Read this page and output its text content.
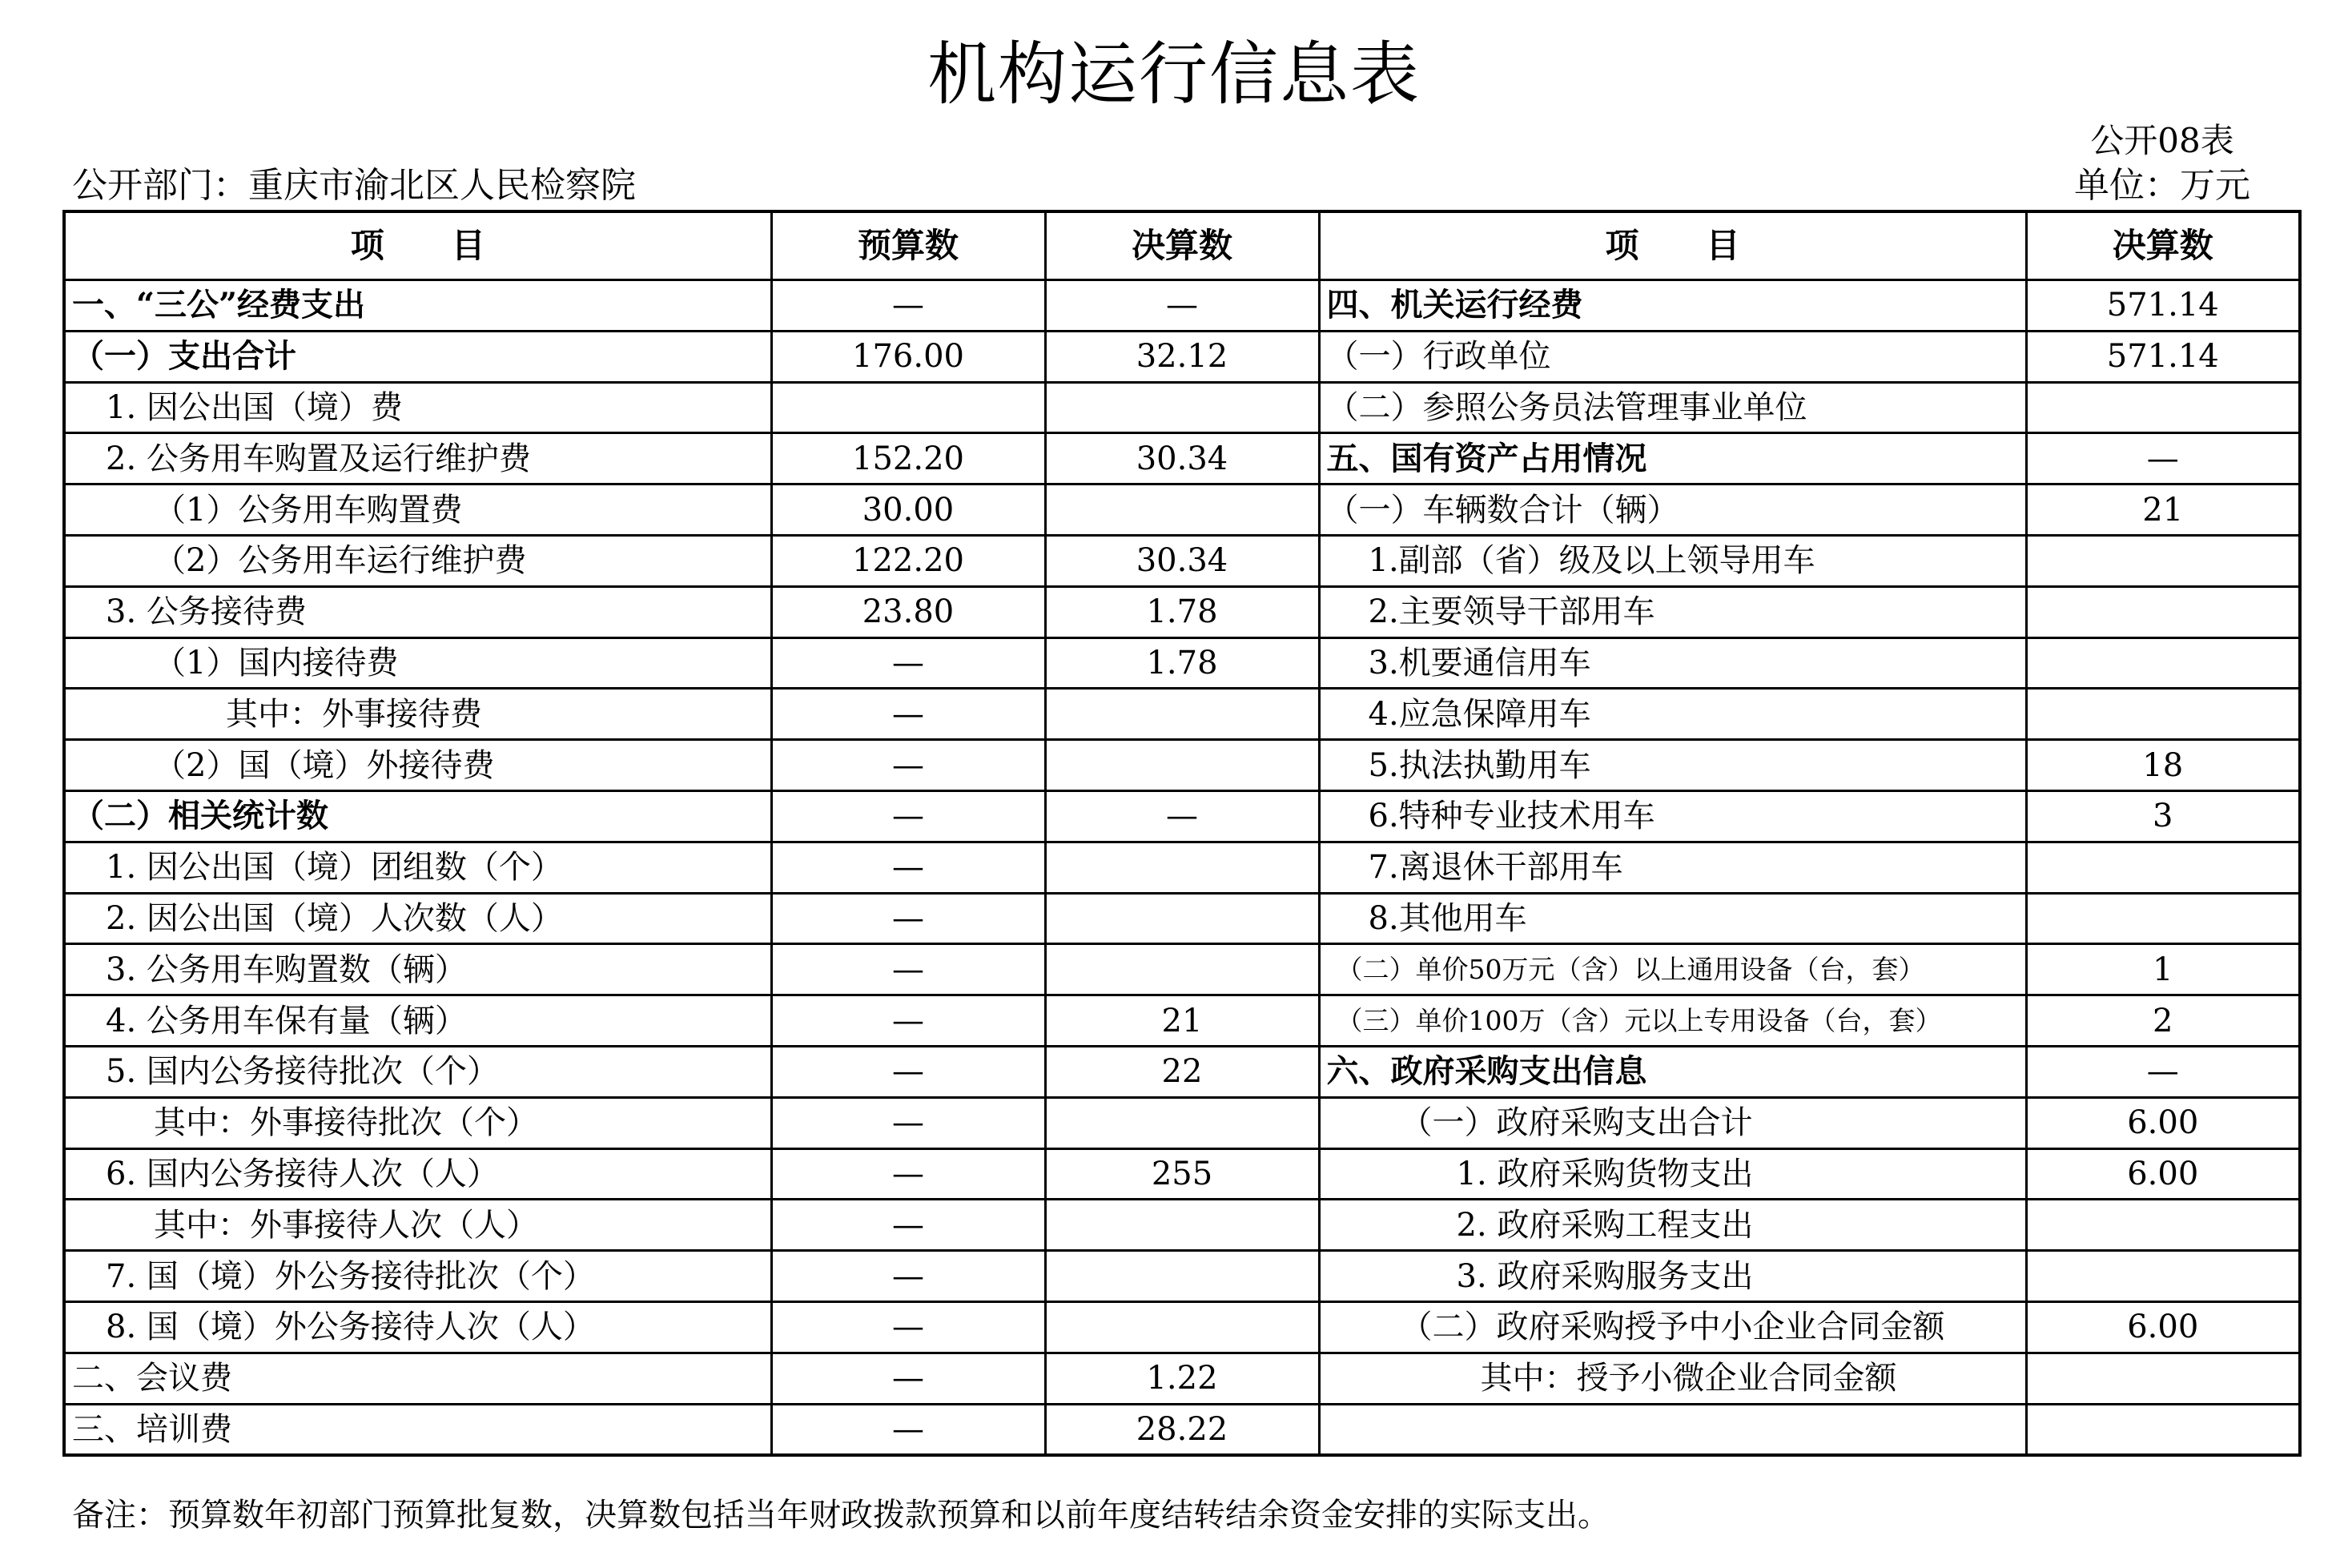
机构运行信息表
公开08表
公开部门：重庆市渝北区人民检察院	单位：万元
项　　目	预算数	决算数	项　　目	决算数
一、“三公”经费支出	—	—	四、机关运行经费	571.14
（一）支出合计	176.00	32.12	（一）行政单位	571.14
1. 因公出国（境）费			（二）参照公务员法管理事业单位	
2. 公务用车购置及运行维护费	152.20	30.34	五、国有资产占用情况	—
（1）公务用车购置费	30.00		（一）车辆数合计（辆）	21
（2）公务用车运行维护费	122.20	30.34	1.副部（省）级及以上领导用车	
3. 公务接待费	23.80	1.78	2.主要领导干部用车	
（1）国内接待费	—	1.78	3.机要通信用车	
其中：外事接待费	—		4.应急保障用车	
（2）国（境）外接待费	—		5.执法执勤用车	18
（二）相关统计数	—	—	6.特种专业技术用车	3
1. 因公出国（境）团组数（个）	—		7.离退休干部用车	
2. 因公出国（境）人次数（人）	—		8.其他用车	
3. 公务用车购置数（辆）	—		（二）单价50万元（含）以上通用设备（台，套）	1
4. 公务用车保有量（辆）	—	21	（三）单价100万（含）元以上专用设备（台，套）	2
5. 国内公务接待批次（个）	—	22	六、政府采购支出信息	—
其中：外事接待批次（个）	—		（一）政府采购支出合计	6.00
6. 国内公务接待人次（人）	—	255	1. 政府采购货物支出	6.00
其中：外事接待人次（人）	—		2. 政府采购工程支出	
7. 国（境）外公务接待批次（个）	—		3. 政府采购服务支出	
8. 国（境）外公务接待人次（人）	—		（二）政府采购授予中小企业合同金额	6.00
二、会议费	—	1.22	其中：授予小微企业合同金额	
三、培训费	—	28.22		
备注：预算数年初部门预算批复数，决算数包括当年财政拨款预算和以前年度结转结余资金安排的实际支出。
